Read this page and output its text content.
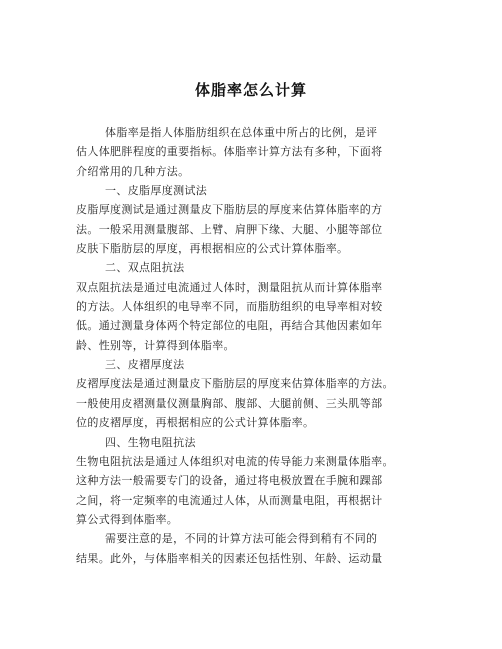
体脂率怎么计算
体脂率是指人体脂肪组织在总体重中所占的比例，是评
估人体肥胖程度的重要指标。体脂率计算方法有多种，下面将
介绍常用的几种方法。
一、皮脂厚度测试法
皮脂厚度测试是通过测量皮下脂肪层的厚度来估算体脂率的方
法。一般采用测量腹部、上臂、肩胛下缘、大腿、小腿等部位
皮肤下脂肪层的厚度，再根据相应的公式计算体脂率。
二、双点阻抗法
双点阻抗法是通过电流通过人体时，测量阻抗从而计算体脂率
的方法。人体组织的电导率不同，而脂肪组织的电导率相对较
低。通过测量身体两个特定部位的电阻，再结合其他因素如年
龄、性别等，计算得到体脂率。
三、皮褶厚度法
皮褶厚度法是通过测量皮下脂肪层的厚度来估算体脂率的方法。
一般使用皮褶测量仪测量胸部、腹部、大腿前侧、三头肌等部
位的皮褶厚度，再根据相应的公式计算体脂率。
四、生物电阻抗法
生物电阻抗法是通过人体组织对电流的传导能力来测量体脂率。
这种方法一般需要专门的设备，通过将电极放置在手腕和踝部
之间，将一定频率的电流通过人体，从而测量电阻，再根据计
算公式得到体脂率。
需要注意的是，不同的计算方法可能会得到稍有不同的
结果。此外，与体脂率相关的因素还包括性别、年龄、运动量
